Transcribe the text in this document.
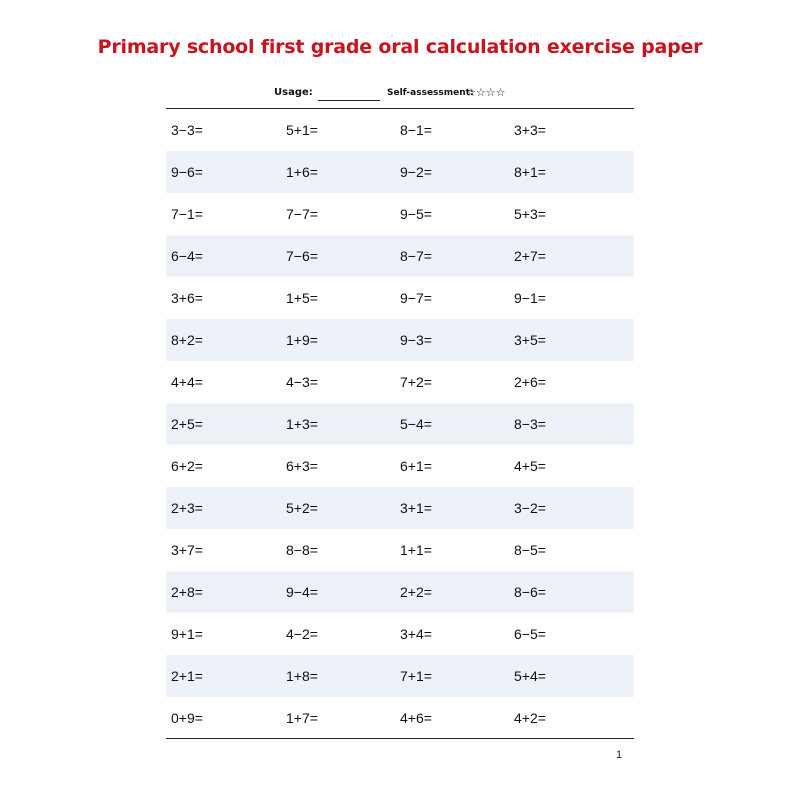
Primary school first grade oral calculation exercise paper
Usage:	Self-assessment:
☆☆☆☆
3−3=	5+1=	8−1=	3+3=
9−6=	1+6=	9−2=	8+1=
7−1=	7−7=	9−5=	5+3=
6−4=	7−6=	8−7=	2+7=
3+6=	1+5=	9−7=	9−1=
8+2=	1+9=	9−3=	3+5=
4+4=	4−3=	7+2=	2+6=
2+5=	1+3=	5−4=	8−3=
6+2=	6+3=	6+1=	4+5=
2+3=	5+2=	3+1=	3−2=
3+7=	8−8=	1+1=	8−5=
2+8=	9−4=	2+2=	8−6=
9+1=	4−2=	3+4=	6−5=
2+1=	1+8=	7+1=	5+4=
0+9=	1+7=	4+6=	4+2=
1
